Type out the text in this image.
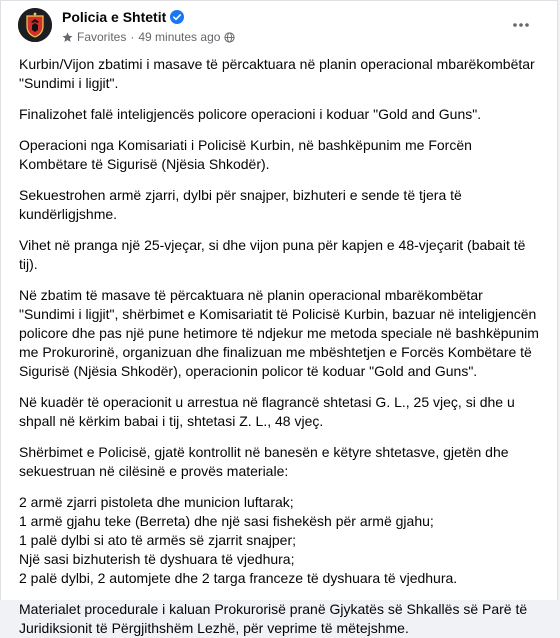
Policia e Shtetit
Favorites · 49 minutes ago

Kurbin/Vijon zbatimi i masave të përcaktuara në planin operacional mbarëkombëtar "Sundimi i ligjit".

Finalizohet falë inteligjencës policore operacioni i koduar "Gold and Guns".

Operacioni nga Komisariati i Policisë Kurbin, në bashkëpunim me Forcën Kombëtare të Sigurisë (Njësia Shkodër).

Sekuestrohen armë zjarri, dylbi për snajper, bizhuteri e sende të tjera të kundërligjshme.

Vihet në pranga një 25-vjeçar, si dhe vijon puna për kapjen e 48-vjeçarit (babait të tij).

Në zbatim të masave të përcaktuara në planin operacional mbarëkombëtar "Sundimi i ligjit", shërbimet e Komisariatit të Policisë Kurbin, bazuar në inteligjencën policore dhe pas një pune hetimore të ndjekur me metoda speciale në bashkëpunim me Prokurorinë, organizuan dhe finalizuan me mbështetjen e Forcës Kombëtare të Sigurisë (Njësia Shkodër), operacionin policor të koduar "Gold and Guns".

Në kuadër të operacionit u arrestua në flagrancë shtetasi G. L., 25 vjeç, si dhe u shpall në kërkim babai i tij, shtetasi Z. L., 48 vjeç.

Shërbimet e Policisë, gjatë kontrollit në banesën e këtyre shtetasve, gjetën dhe sekuestruan në cilësinë e provës materiale:

2 armë zjarri pistoleta dhe municion luftarak;
1 armë gjahu teke (Berreta) dhe një sasi fishekësh për armë gjahu;
1 palë dylbi si ato të armës së zjarrit snajper;
Një sasi bizhuterish të dyshuara të vjedhura;
2 palë dylbi, 2 automjete dhe 2 targa franceze të dyshuara të vjedhura.

Materialet procedurale i kaluan Prokurorisë pranë Gjykatës së Shkallës së Parë të Juridiksionit të Përgjithshëm Lezhë, për veprime të mëtejshme.
